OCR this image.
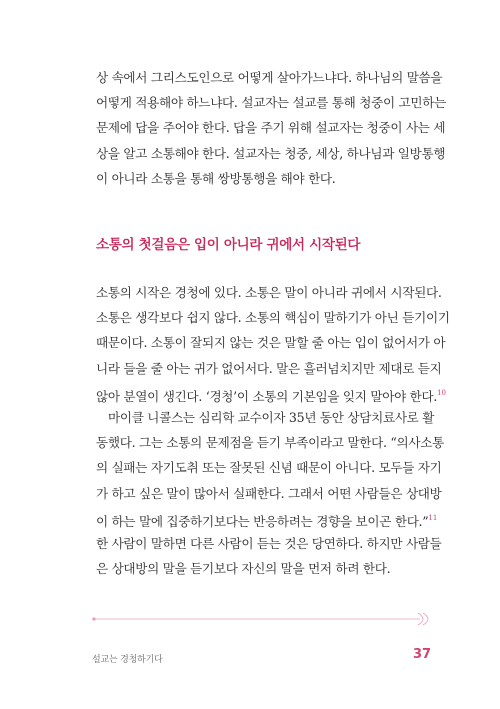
상 속에서 그리스도인으로 어떻게 살아가느냐다. 하나님의 말씀을
어떻게 적용해야 하느냐다. 설교자는 설교를 통해 청중이 고민하는
문제에 답을 주어야 한다. 답을 주기 위해 설교자는 청중이 사는 세
상을 알고 소통해야 한다. 설교자는 청중, 세상, 하나님과 일방통행
이 아니라 소통을 통해 쌍방통행을 해야 한다.
소통의 첫걸음은 입이 아니라 귀에서 시작된다
소통의 시작은 경청에 있다. 소통은 말이 아니라 귀에서 시작된다.
소통은 생각보다 쉽지 않다. 소통의 핵심이 말하기가 아닌 듣기이기
때문이다. 소통이 잘되지 않는 것은 말할 줄 아는 입이 없어서가 아
니라 들을 줄 아는 귀가 없어서다. 말은 흘러넘치지만 제대로 듣지
않아 분열이 생긴다. ‘경청’이 소통의 기본임을 잊지 말아야 한다.$^{10}$
마이클 니콜스는 심리학 교수이자 35년 동안 상담치료사로 활
동했다. 그는 소통의 문제점을 듣기 부족이라고 말한다. “의사소통
의 실패는 자기도취 또는 잘못된 신념 때문이 아니다. 모두들 자기
가 하고 싶은 말이 많아서 실패한다. 그래서 어떤 사람들은 상대방
이 하는 말에 집중하기보다는 반응하려는 경향을 보이곤 한다.”$^{11}$
한 사람이 말하면 다른 사람이 듣는 것은 당연하다. 하지만 사람들
은 상대방의 말을 듣기보다 자신의 말을 먼저 하려 한다.
설교는 경청하기다	37
